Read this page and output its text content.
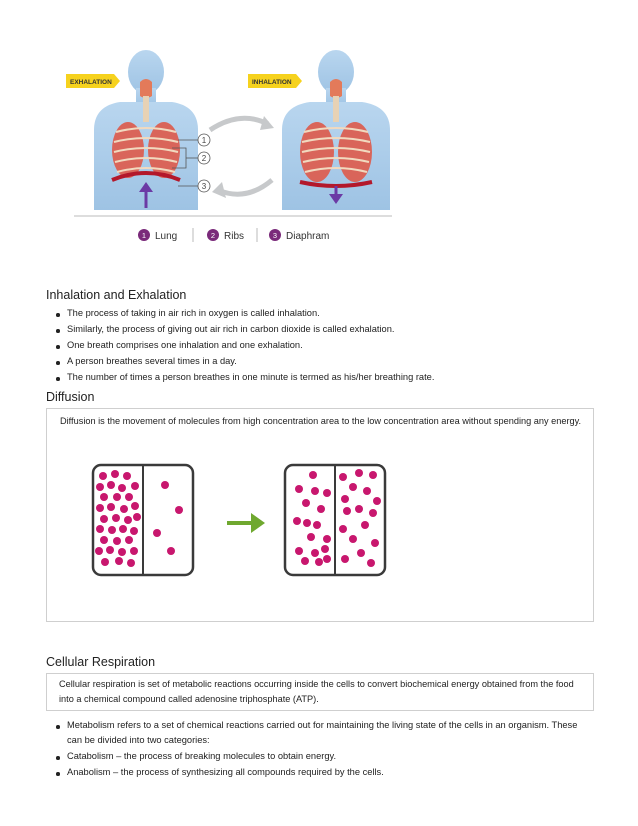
EXHALATION	INHALATION
1
2
3
1 Lung	2 Ribs	3 Diaphram
Inhalation and Exhalation
The process of taking in air rich in oxygen is called inhalation.
Similarly, the process of giving out air rich in carbon dioxide is called exhalation.
One breath comprises one inhalation and one exhalation.
A person breathes several times in a day.
The number of times a person breathes in one minute is termed as his/her breathing rate.
Diffusion
Diffusion is the movement of molecules from high concentration area to the low concentration area without spending any energy.
Cellular Respiration
Cellular respiration is set of metabolic reactions occurring inside the cells to convert biochemical energy obtained from the food
into a chemical compound called adenosine triphosphate (ATP).
Metabolism refers to a set of chemical reactions carried out for maintaining the living state of the cells in an organism. These
can be divided into two categories:
Catabolism – the process of breaking molecules to obtain energy.
Anabolism – the process of synthesizing all compounds required by the cells.
